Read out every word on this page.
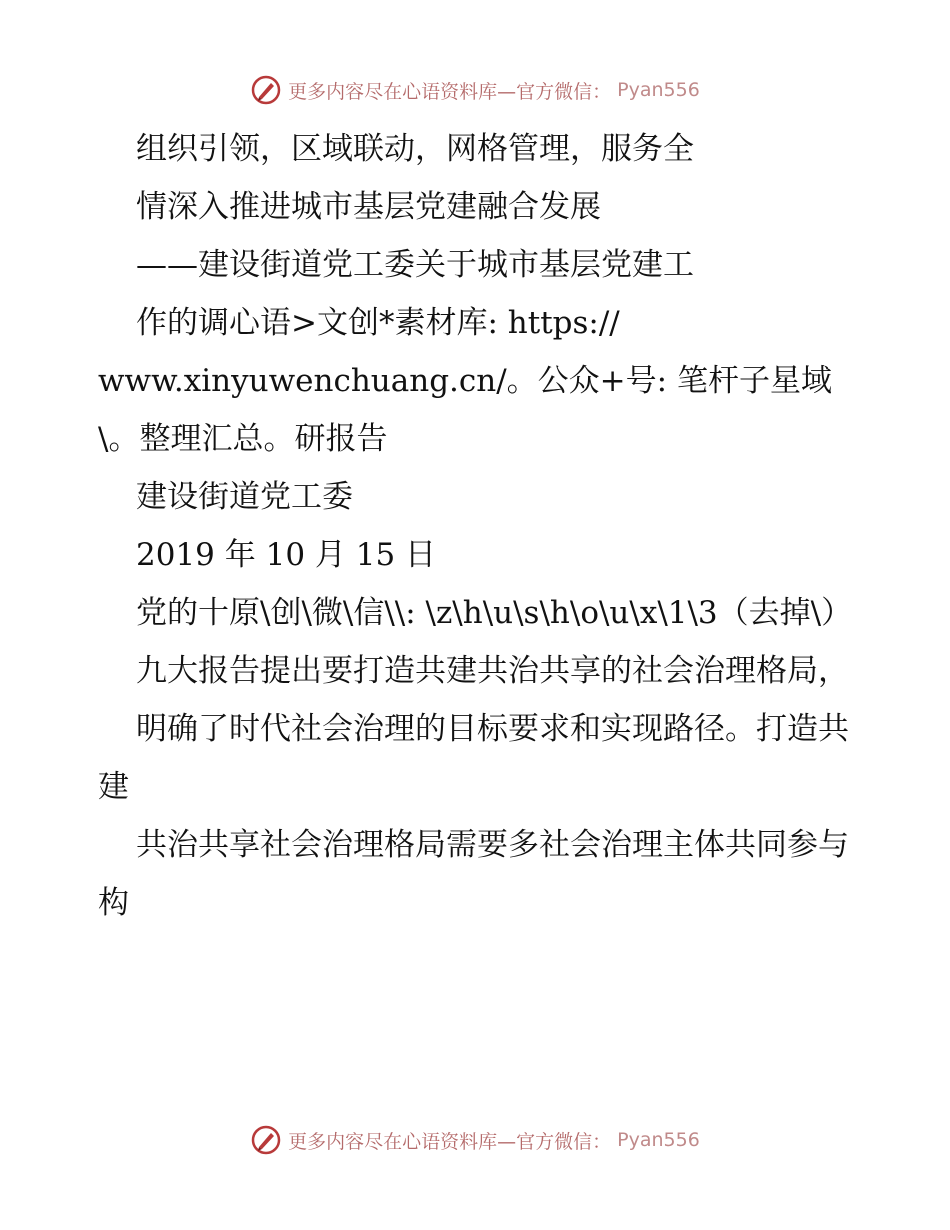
更多内容尽在心语资料库—官方微信： Pyan556

组织引领，区域联动，网格管理，服务全

情深入推进城市基层党建融合发展

——建设街道党工委关于城市基层党建工

作的调心语>文创*素材库: https://

www.xinyuwenchuang.cn/。公众+号: 笔杆子星域

\。整理汇总。研报告

建设街道党工委

2019 年 10 月 15 日

党的十原\创\微\信\\: \z\h\u\s\h\o\u\x\1\3（去掉\）

九大报告提出要打造共建共治共享的社会治理格局，

明确了时代社会治理的目标要求和实现路径。打造共建

共治共享社会治理格局需要多社会治理主体共同参与构

更多内容尽在心语资料库—官方微信： Pyan556
